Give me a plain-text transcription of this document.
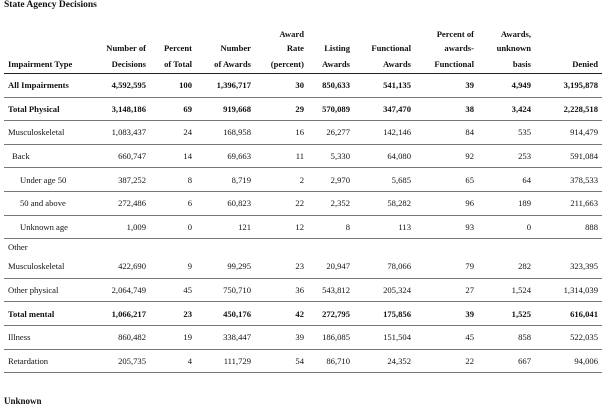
State Agency Decisions
				Award			Percent of	Awards,	
	Number of	Percent	Number	Rate	Listing	Functional	awards-	unknown	
Impairment Type	Decisions	of Total	of Awards	(percent)	Awards	Awards	Functional	basis	Denied
All Impairments	4,592,595	100	1,396,717	30	850,633	541,135	39	4,949	3,195,878
Total Physical	3,148,186	69	919,668	29	570,089	347,470	38	3,424	2,228,518
Musculoskeletal	1,083,437	24	168,958	16	26,277	142,146	84	535	914,479
Back	660,747	14	69,663	11	5,330	64,080	92	253	591,084
Under age 50	387,252	8	8,719	2	2,970	5,685	65	64	378,533
50 and above	272,486	6	60,823	22	2,352	58,282	96	189	211,663
Unknown age	1,009	0	121	12	8	113	93	0	888
Other									
Musculoskeletal	422,690	9	99,295	23	20,947	78,066	79	282	323,395
Other physical	2,064,749	45	750,710	36	543,812	205,324	27	1,524	1,314,039
Total mental	1,066,217	23	450,176	42	272,795	175,856	39	1,525	616,041
Illness	860,482	19	338,447	39	186,085	151,504	45	858	522,035
Retardation	205,735	4	111,729	54	86,710	24,352	22	667	94,006
Unknown
